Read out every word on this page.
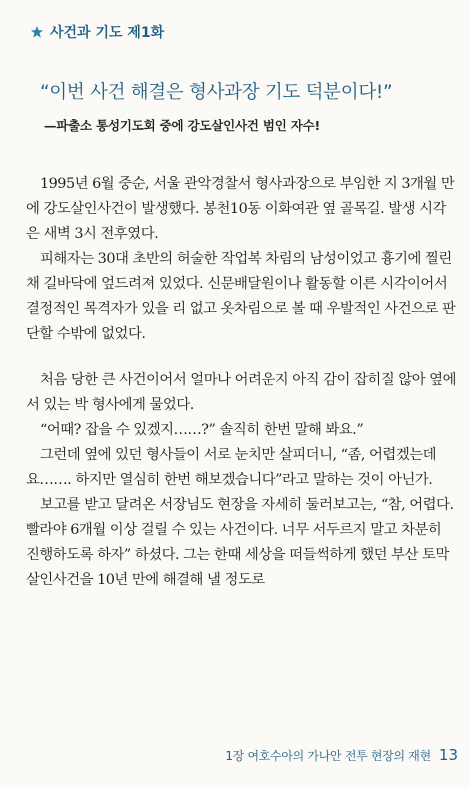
사건과 기도 제1화
“이번 사건 해결은 형사과장 기도 덕분이다!”
—파출소 통성기도회 중에 강도살인사건 범인 자수!

1995년 6월 중순, 서울 관악경찰서 형사과장으로 부임한 지 3개월 만에 강도살인사건이 발생했다. 봉천10동 이화여관 옆 골목길. 발생 시각은 새벽 3시 전후였다.

피해자는 30대 초반의 허술한 작업복 차림의 남성이었고 흉기에 찔린 채 길바닥에 엎드려져 있었다. 신문배달원이나 활동할 이른 시각이어서 결정적인 목격자가 있을 리 없고 옷차림으로 볼 때 우발적인 사건으로 판단할 수밖에 없었다.

처음 당한 큰 사건이어서 얼마나 어려운지 아직 감이 잡히질 않아 옆에 서 있는 박 형사에게 물었다.

“어때? 잡을 수 있겠지……?” 솔직히 한번 말해 봐요.”

그런데 옆에 있던 형사들이 서로 눈치만 살피더니, “좀, 어렵겠는데요……. 하지만 열심히 한번 해보겠습니다”라고 말하는 것이 아닌가.

보고를 받고 달려온 서장님도 현장을 자세히 둘러보고는, “참, 어렵다. 빨라야 6개월 이상 걸릴 수 있는 사건이다. 너무 서두르지 말고 차분히 진행하도록 하자” 하셨다. 그는 한때 세상을 떠들썩하게 했던 부산 토막살인사건을 10년 만에 해결해 낼 정도로

1장 여호수아의 가나안 전투 현장의 재현 13
